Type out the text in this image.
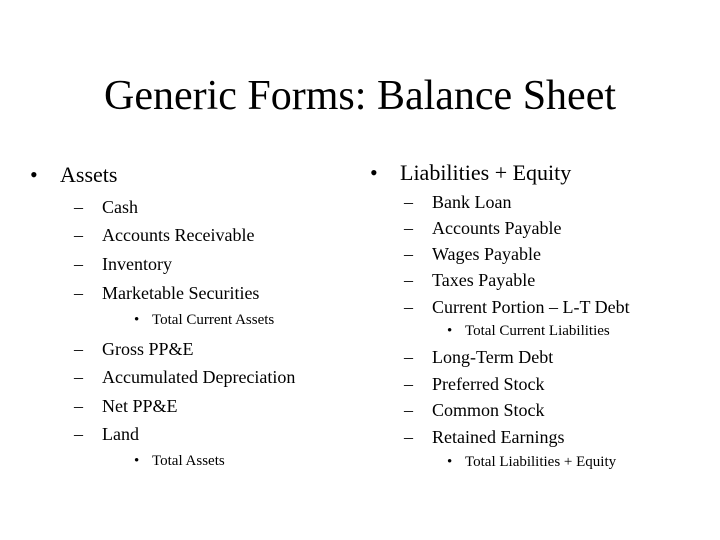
Generic Forms: Balance Sheet
• Assets
– Cash
– Accounts Receivable
– Inventory
– Marketable Securities
• Total Current Assets
– Gross PP&E
– Accumulated Depreciation
– Net PP&E
– Land
• Total Assets
• Liabilities + Equity
– Bank Loan
– Accounts Payable
– Wages Payable
– Taxes Payable
– Current Portion – L-T Debt
• Total Current Liabilities
– Long-Term Debt
– Preferred Stock
– Common Stock
– Retained Earnings
• Total Liabilities + Equity
